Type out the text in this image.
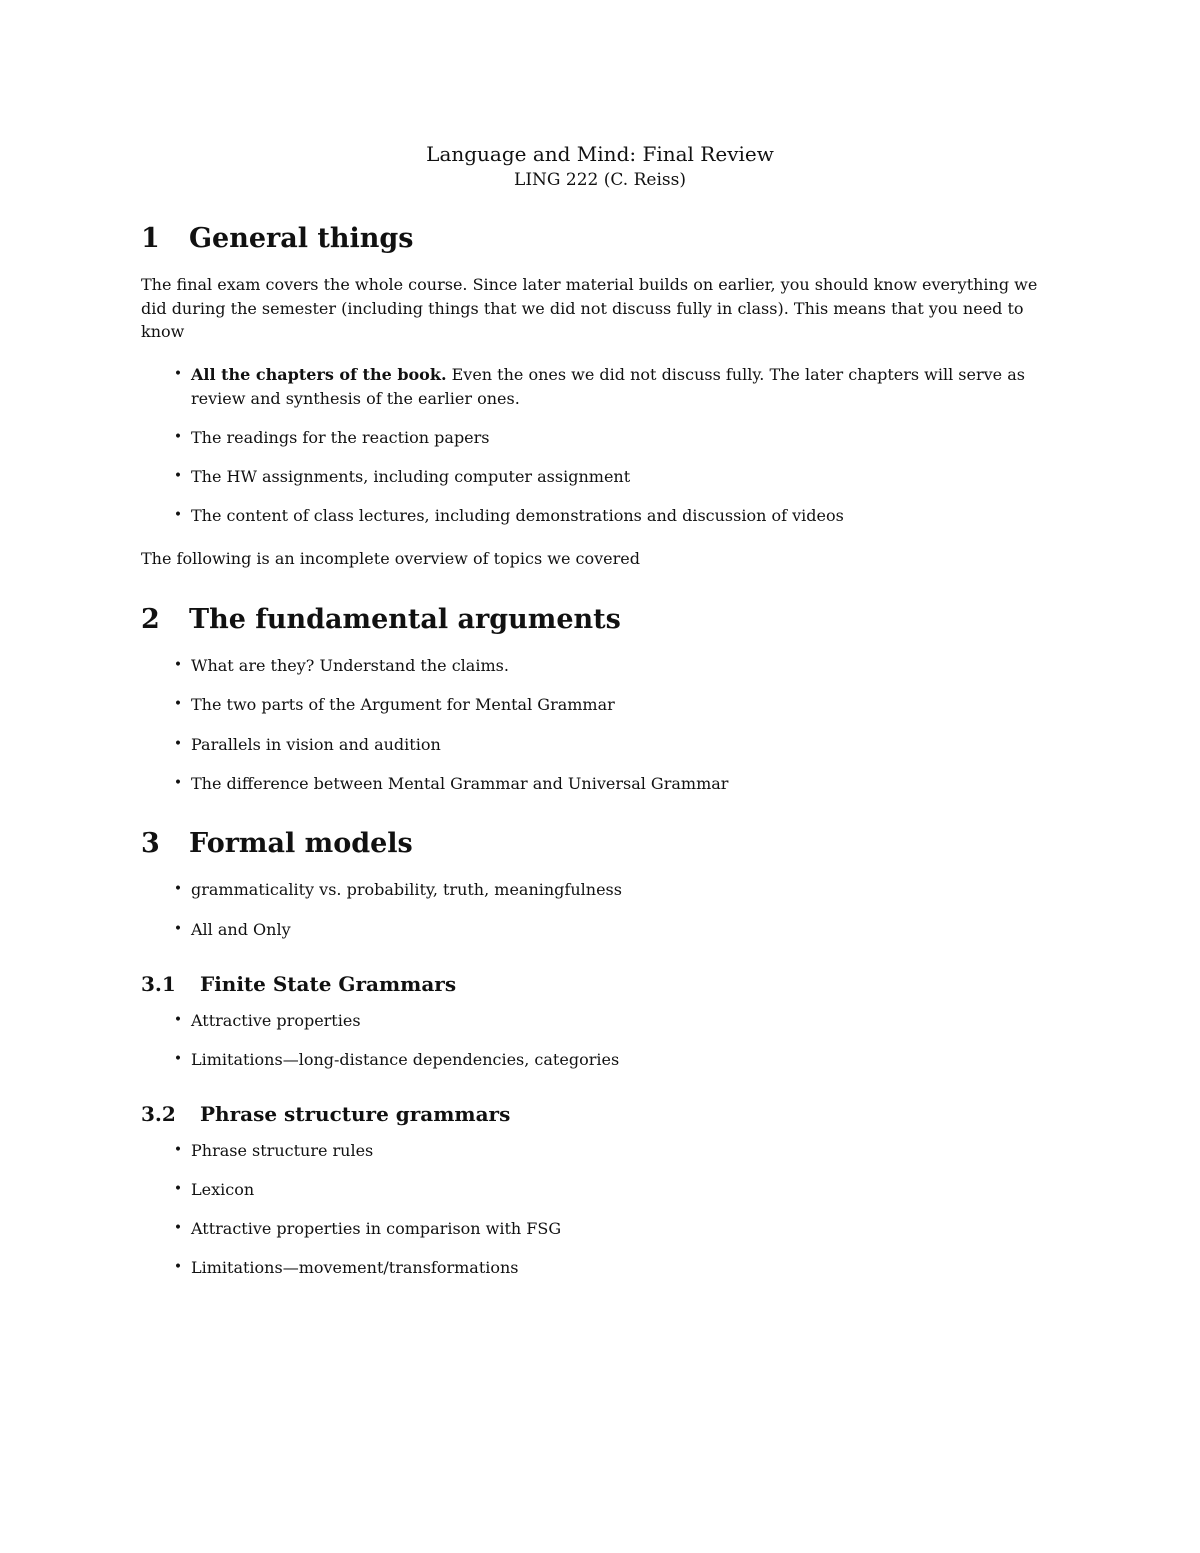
Language and Mind: Final Review
LING 222 (C. Reiss)
1 General things
The final exam covers the whole course. Since later material builds on earlier, you should know everything we did during the semester (including things that we did not discuss fully in class). This means that you need to know
• All the chapters of the book. Even the ones we did not discuss fully. The later chapters will serve as review and synthesis of the earlier ones.
• The readings for the reaction papers
• The HW assignments, including computer assignment
• The content of class lectures, including demonstrations and discussion of videos
The following is an incomplete overview of topics we covered
2 The fundamental arguments
• What are they? Understand the claims.
• The two parts of the Argument for Mental Grammar
• Parallels in vision and audition
• The difference between Mental Grammar and Universal Grammar
3 Formal models
• grammaticality vs. probability, truth, meaningfulness
• All and Only
3.1 Finite State Grammars
• Attractive properties
• Limitations—long-distance dependencies, categories
3.2 Phrase structure grammars
• Phrase structure rules
• Lexicon
• Attractive properties in comparison with FSG
• Limitations—movement/transformations
